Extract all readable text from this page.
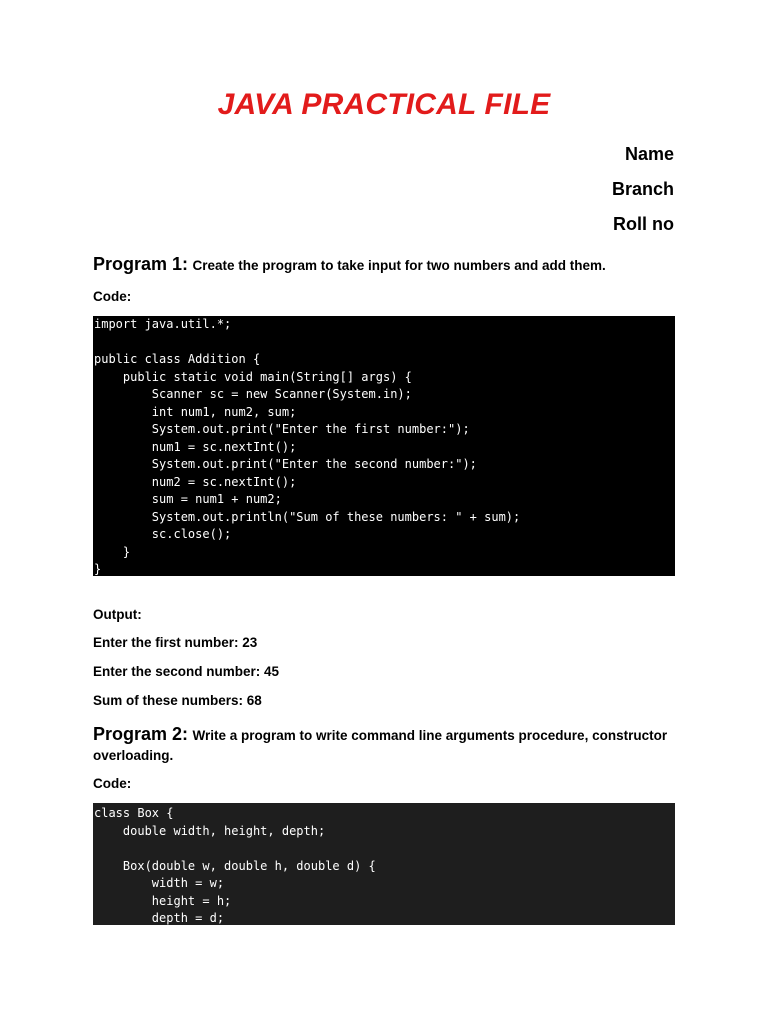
JAVA PRACTICAL FILE
Name
Branch
Roll no
Program 1: Create the program to take input for two numbers and add them.
Code:
import java.util.*;

public class Addition {
public static void main(String[] args) {
Scanner sc = new Scanner(System.in);
int num1, num2, sum;
System.out.print("Enter the first number:");
num1 = sc.nextInt();
System.out.print("Enter the second number:");
num2 = sc.nextInt();
sum = num1 + num2;
System.out.println("Sum of these numbers: " + sum);
sc.close();
}
}
Output:
Enter the first number: 23
Enter the second number: 45
Sum of these numbers: 68
Program 2: Write a program to write command line arguments procedure, constructor overloading.
Code:
class Box {
double width, height, depth;

Box(double w, double h, double d) {
width = w;
height = h;
depth = d;
